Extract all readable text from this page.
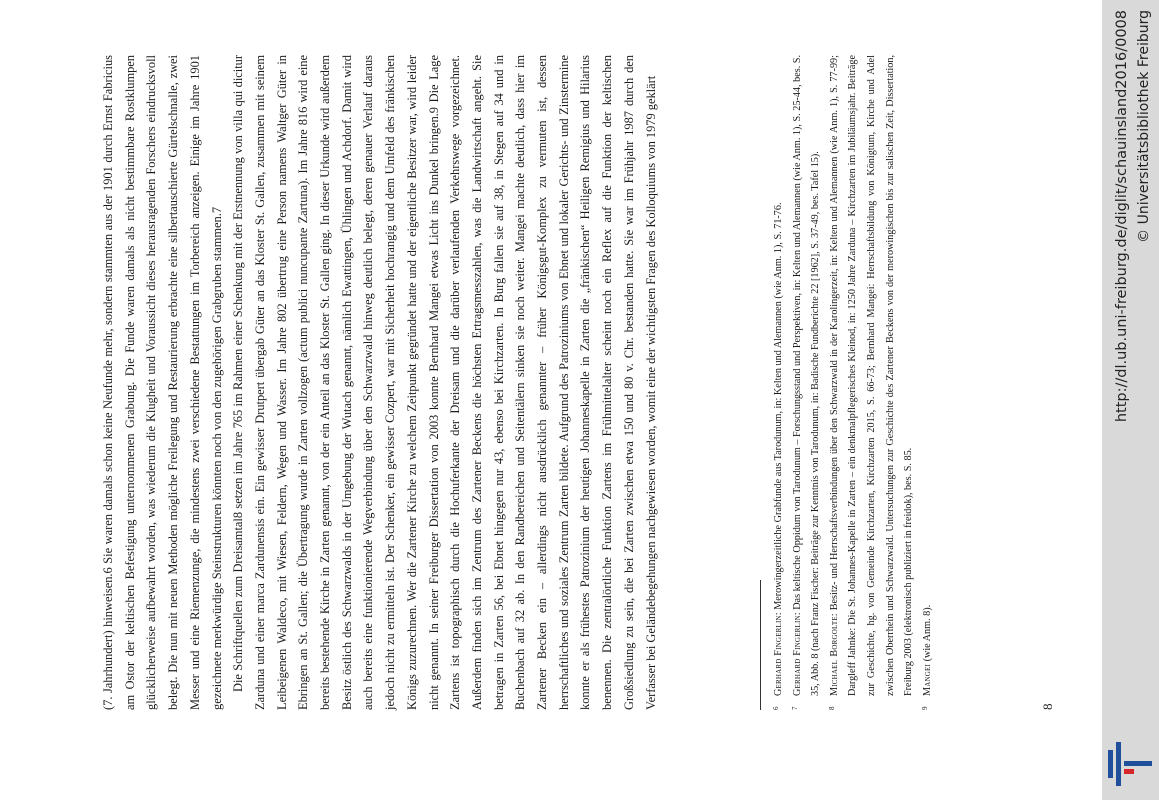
(7. Jahrhundert) hinweisen.6 Sie waren damals schon keine Neufunde mehr, sondern stammten aus der 1901 durch Ernst Fabricius am Ostor der keltischen Befestigung unternommenen Grabung. Die Funde waren damals als nicht bestimmbare Rostklumpen glücklicherweise aufbewahrt worden, was wiederum die Klugheit und Voraussicht dieses herausragenden Forschers eindrucksvoll belegt. Die nun mit neuen Methoden mögliche Freilegung und Restaurierung erbrachte eine silbertauschierte Gürtelschnalle, zwei Messer und eine Riemenzunge, die mindestens zwei verschiedene Bestattungen im Torbereich anzeigen. Einige im Jahre 1901 gezeichnete merkwürdige Steinstrukturen könnten noch von den zugehörigen Grabgruben stammen.7 Die Schriftquellen zum Dreisamtal8 setzen im Jahre 765 im Rahmen einer Schenkung mit der Erstnennung von villa qui dicitur Zarduna und einer marca Zardunensis ein. Ein gewisser Drutpert übergab Güter an das Kloster St. Gallen, zusammen mit seinem Leibeigenen Waldeco, mit Wiesen, Feldern, Wegen und Wasser. Im Jahre 802 übertrug eine Person namens Waltger Güter in Ebringen an St. Gallen; die Übertragung wurde in Zarten vollzogen (actum publici nuncupante Zartuna). Im Jahre 816 wird eine bereits bestehende Kirche in Zarten genannt, von der ein Anteil an das Kloster St. Gallen ging. In dieser Urkunde wird außerdem Besitz östlich des Schwarzwalds in der Umgebung der Wutach genannt, nämlich Ewattingen, Ühlingen und Achdorf. Damit wird auch bereits eine funktionierende Wegverbindung über den Schwarzwald hinweg deutlich belegt, deren genauer Verlauf daraus jedoch nicht zu ermitteln ist. Der Schenker, ein gewisser Cozpert, war mit Sicherheit hochrangig und dem Umfeld des fränkischen Königs zuzurechnen. Wer die Zartener Kirche zu welchem Zeitpunkt gegründet hatte und der eigentliche Besitzer war, wird leider nicht genannt. In seiner Freiburger Dissertation von 2003 konnte Bernhard Mangei etwas Licht ins Dunkel bringen.9 Die Lage Zartens ist topographisch durch die Hochuferkante der Dreisam und die darüber verlaufenden Verkehrswege vorgezeichnet. Außerdem finden sich im Zentrum des Zartener Beckens die höchsten Ertragsmesszahlen, was die Landwirtschaft angeht. Sie betragen in Zarten 56, bei Ebnet hingegen nur 43, ebenso bei Kirchzarten. In Burg fallen sie auf 38, in Stegen auf 34 und in Buchenbach auf 32 ab. In den Randbereichen und Seitentälern sinken sie noch weiter. Mangei machte deutlich, dass hier im Zartener Becken ein – allerdings nicht ausdrücklich genannter – früher Königsgut-Komplex zu vermuten ist, dessen herrschaftliches und soziales Zentrum Zarten bildete. Aufgrund des Patroziniums von Ebnet und lokaler Gerichts- und Zinstermine konnte er als frühestes Patrozinium der heutigen Johanneskapelle in Zarten die „fränkischen“ Heiligen Remigius und Hilarius benennen. Die zentralörtliche Funktion Zartens im Frühmittelalter scheint noch ein Reflex auf die Funktion der keltischen Großsiedlung zu sein, die bei Zarten zwischen etwa 150 und 80 v. Chr. bestanden hatte. Sie war im Frühjahr 1987 durch den Verfasser bei Geländebegehungen nachgewiesen worden, womit eine der wichtigsten Fragen des Kolloquiums von 1979 geklärt	6
Gerhard Fingerlin: Merowingerzeitliche Grabfunde aus Tarodunum, in: Kelten und Alemannen (wie Anm. 1), S. 71-76.

7
Gerhard Fingerlin: Das keltische Oppidum von Tarodunum – Forschungsstand und Perspektiven, in: Kelten und Alemannen (wie Anm. 1), S. 25-44, bes. S. 35, Abb. 8 (nach Franz Fischer: Beiträge zur Kenntnis von Tarodunum, in: Badische Fundberichte 22 [1962], S. 37-49, bes. Tafel 15).

8
Michael Borgolte: Besitz- und Herrschaftsverbindungen über den Schwarzwald in der Karolingerzeit, in: Kelten und Alemannen (wie Anm. 1), S. 77-99; Dargleff Jahnke: Die St. Johannes-Kapelle in Zarten – ein denkmalpflegerisches Kleinod, in: 1250 Jahre Zarduna – Kirchzarten im Jubiläumsjahr. Beiträge zur Geschichte, hg. von Gemeinde Kirchzarten, Kirchzarten 2015, S. 66-73; Bernhard Mangei: Herrschaftsbildung von Königtum, Kirche und Adel zwischen Oberrhein und Schwarzwald. Untersuchungen zur Geschichte des Zartener Beckens von der merowingischen bis zur salischen Zeit, Dissertation, Freiburg 2003 (elektronisch publiziert in freidok), bes. S. 85.

9
Mangei (wie Anm. 8).

8
http://dl.ub.uni-freiburg.de/diglit/schauinsland2016/0008 © Universitätsbibliothek Freiburg
